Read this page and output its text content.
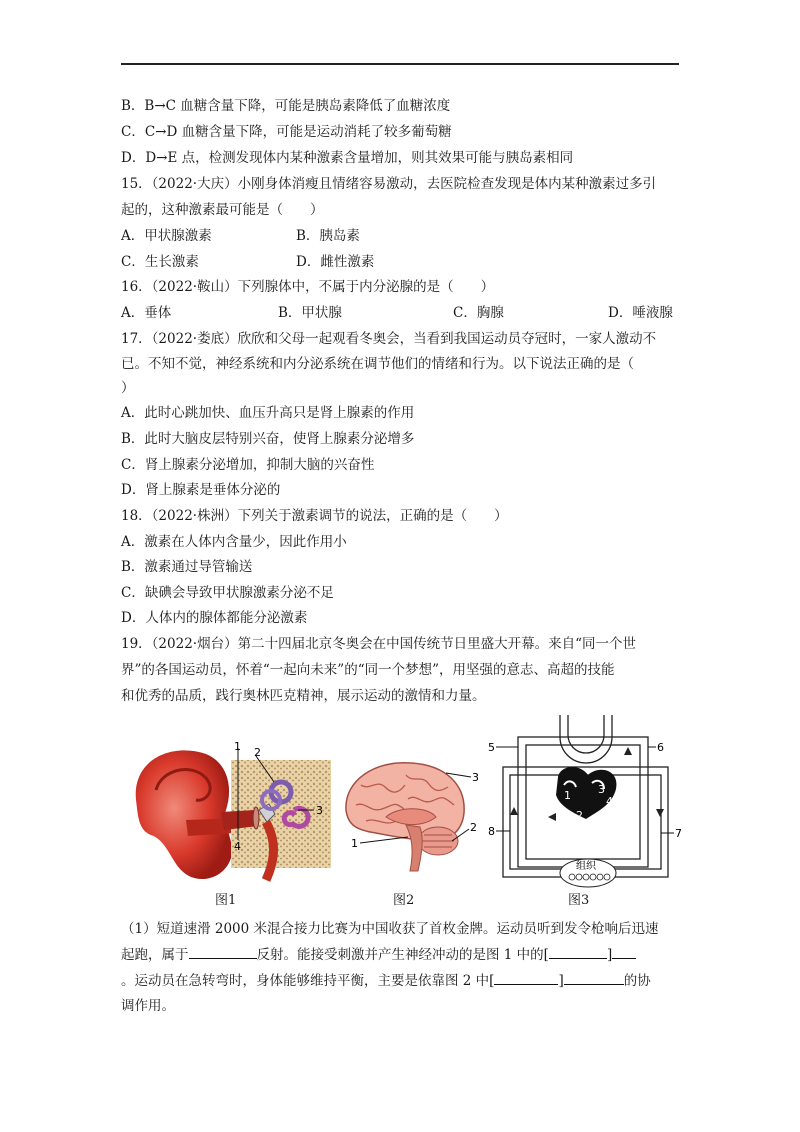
B．B→C 血糖含量下降，可能是胰岛素降低了血糖浓度
C．C→D 血糖含量下降，可能是运动消耗了较多葡萄糖
D．D→E 点，检测发现体内某种激素含量增加，则其效果可能与胰岛素相同
15．（2022·大庆）小刚身体消瘦且情绪容易激动，去医院检查发现是体内某种激素过多引
起的，这种激素最可能是（　　）
A．甲状腺激素	B．胰岛素
C．生长激素	D．雌性激素
16．（2022·鞍山）下列腺体中，不属于内分泌腺的是（　　）
A．垂体	B．甲状腺	C．胸腺	D．唾液腺
17．（2022·娄底）欣欣和父母一起观看冬奥会，当看到我国运动员夺冠时，一家人激动不
已。不知不觉，神经系统和内分泌系统在调节他们的情绪和行为。以下说法正确的是（
）
A．此时心跳加快、血压升高只是肾上腺素的作用
B．此时大脑皮层特别兴奋，使肾上腺素分泌增多
C．肾上腺素分泌增加，抑制大脑的兴奋性
D．肾上腺素是垂体分泌的
18．（2022·株洲）下列关于激素调节的说法，正确的是（　　）
A．激素在人体内含量少，因此作用小
B．激素通过导管输送
C．缺碘会导致甲状腺激素分泌不足
D．人体内的腺体都能分泌激素
19．（2022·烟台）第二十四届北京冬奥会在中国传统节日里盛大开幕。来自“同一个世
界”的各国运动员，怀着“一起向未来”的“同一个梦想”，用坚强的意志、高超的技能
和优秀的品质，践行奥林匹克精神，展示运动的激情和力量。
1 2
3
4
图1
3
2
1
图2
组织
1
2
3
4
5	6
7
8
图3
（1）短道速滑 2000 米混合接力比赛为中国收获了首枚金牌。运动员听到发令枪响后迅速
起跑，属于	反射。能接受刺激并产生神经冲动的是图 1 中的[	]
。运动员在急转弯时，身体能够维持平衡，主要是依靠图 2 中[	]	的协
调作用。
